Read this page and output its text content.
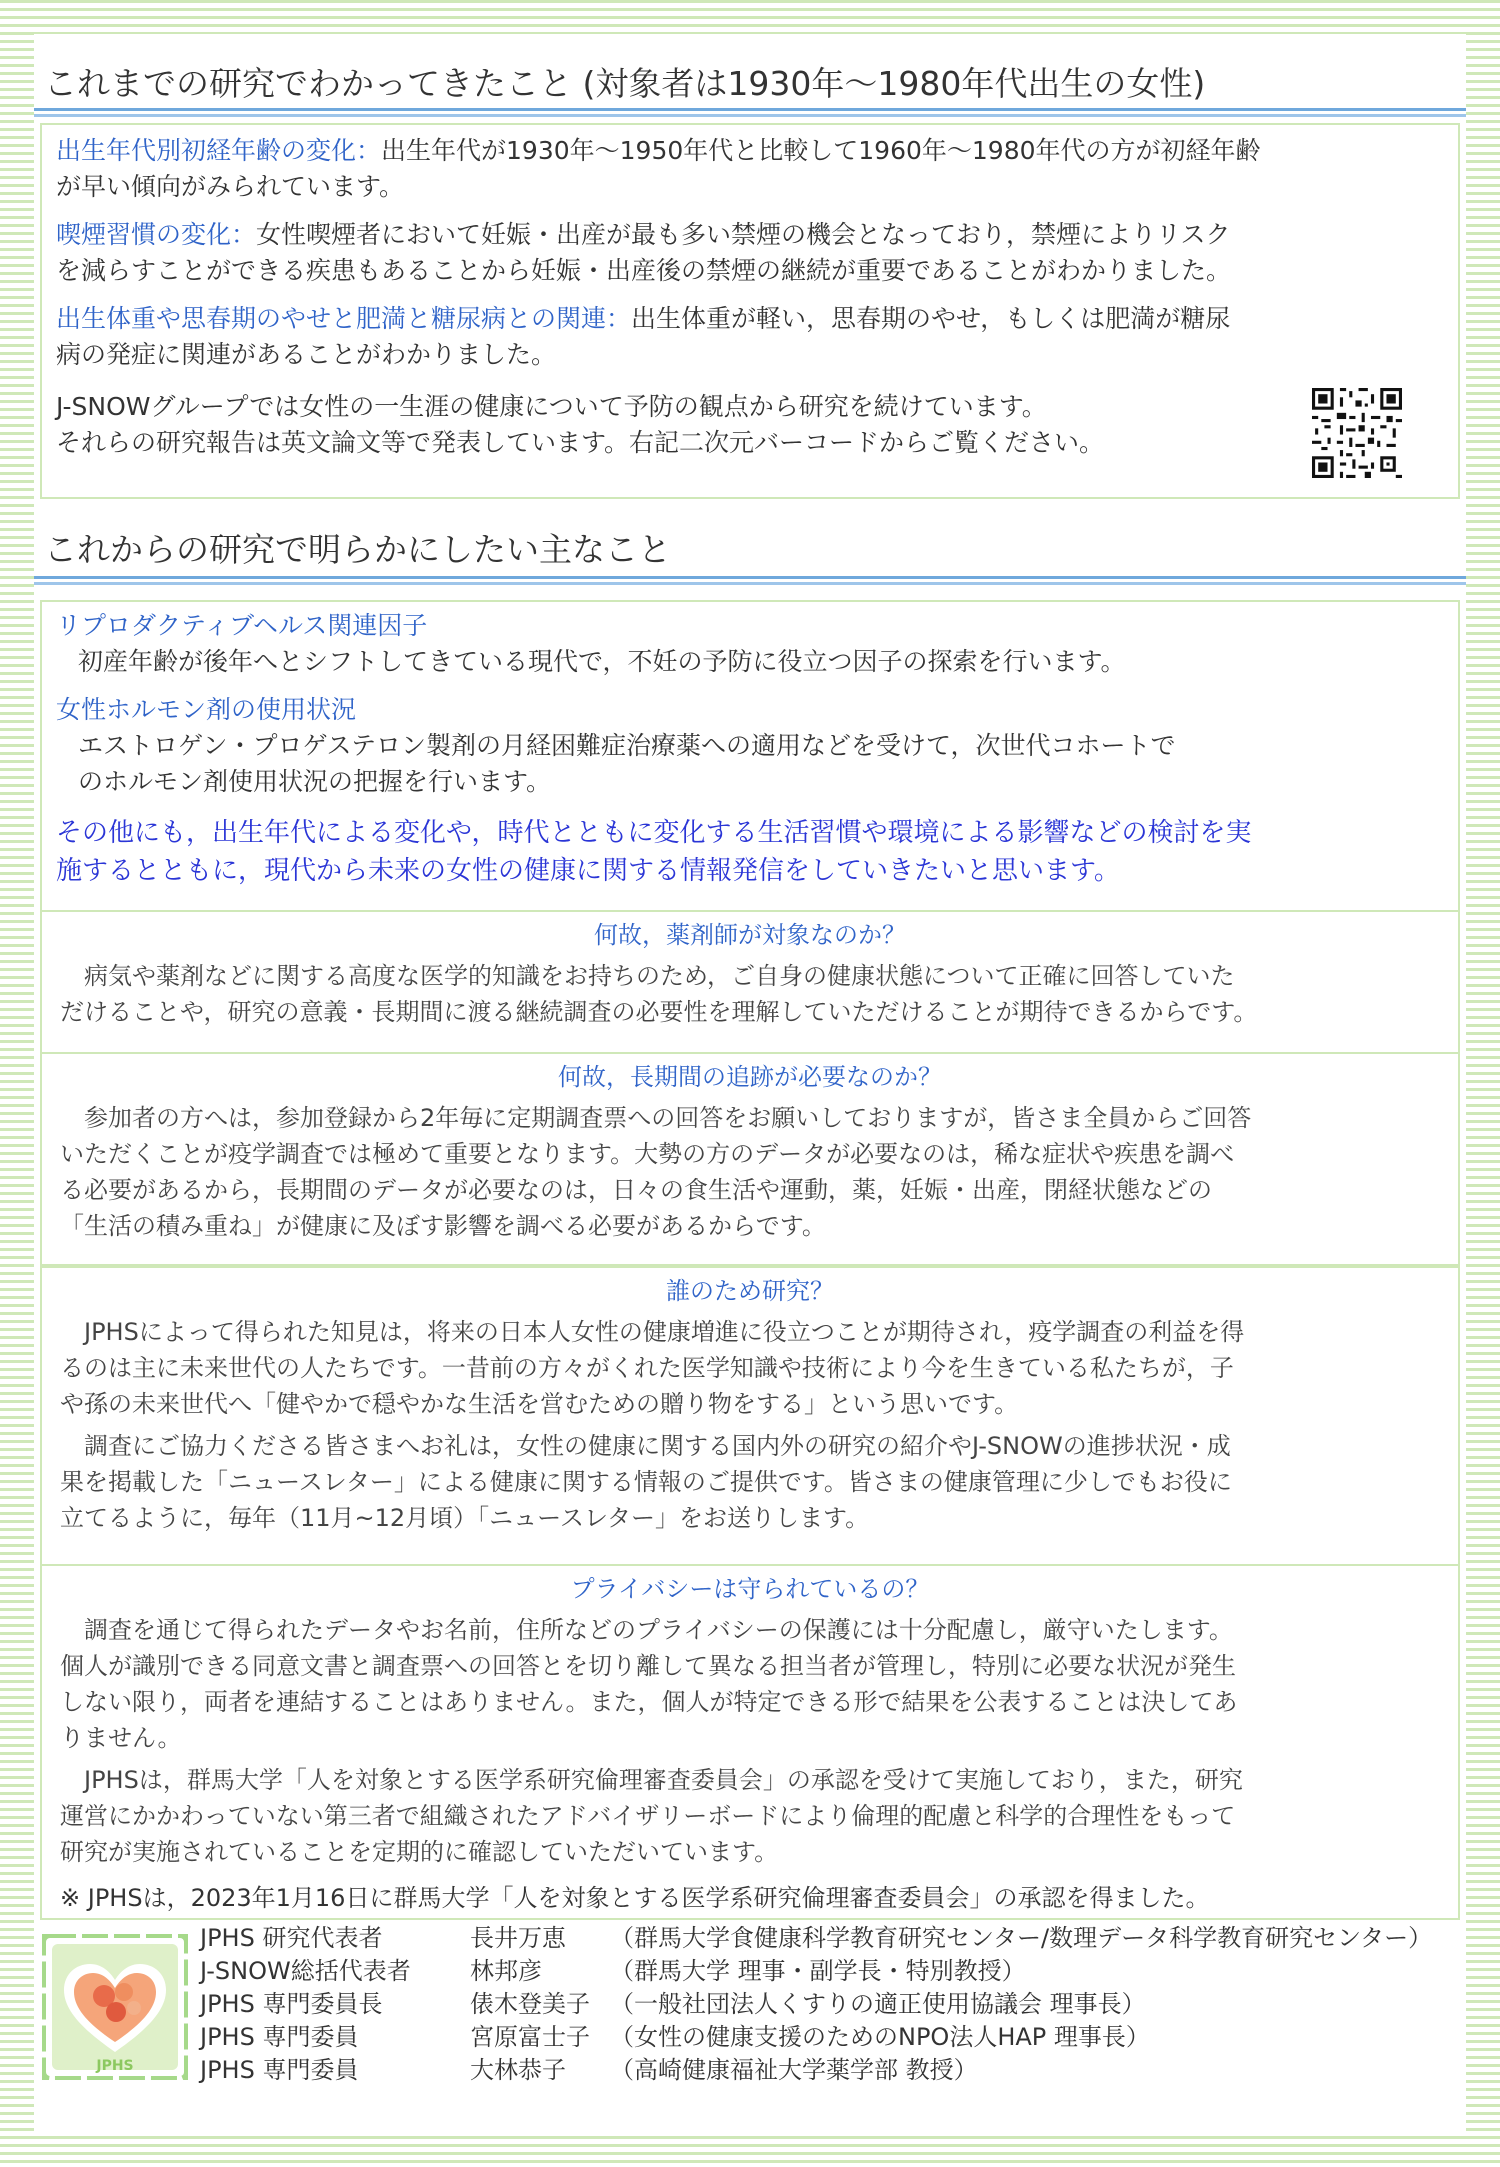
これまでの研究でわかってきたこと (対象者は1930年～1980年代出生の女性)
出生年代別初経年齢の変化：出生年代が1930年～1950年代と比較して1960年～1980年代の方が初経年齢
が早い傾向がみられています。
喫煙習慣の変化：女性喫煙者において妊娠・出産が最も多い禁煙の機会となっており，禁煙によりリスク
を減らすことができる疾患もあることから妊娠・出産後の禁煙の継続が重要であることがわかりました。
出生体重や思春期のやせと肥満と糖尿病との関連：出生体重が軽い，思春期のやせ，もしくは肥満が糖尿
病の発症に関連があることがわかりました。
J-SNOWグループでは女性の一生涯の健康について予防の観点から研究を続けています。
それらの研究報告は英文論文等で発表しています。右記二次元バーコードからご覧ください。
これからの研究で明らかにしたい主なこと
リプロダクティブヘルス関連因子
初産年齢が後年へとシフトしてきている現代で，不妊の予防に役立つ因子の探索を行います。
女性ホルモン剤の使用状況
エストロゲン・プロゲステロン製剤の月経困難症治療薬への適用などを受けて，次世代コホートで
のホルモン剤使用状況の把握を行います。
その他にも，出生年代による変化や，時代とともに変化する生活習慣や環境による影響などの検討を実
施するとともに，現代から未来の女性の健康に関する情報発信をしていきたいと思います。
何故，薬剤師が対象なのか？
病気や薬剤などに関する高度な医学的知識をお持ちのため，ご自身の健康状態について正確に回答していた
だけることや，研究の意義・長期間に渡る継続調査の必要性を理解していただけることが期待できるからです。
何故，長期間の追跡が必要なのか？
参加者の方へは，参加登録から2年毎に定期調査票への回答をお願いしておりますが，皆さま全員からご回答
いただくことが疫学調査では極めて重要となります。大勢の方のデータが必要なのは，稀な症状や疾患を調べ
る必要があるから，長期間のデータが必要なのは，日々の食生活や運動，薬，妊娠・出産，閉経状態などの
「生活の積み重ね」が健康に及ぼす影響を調べる必要があるからです。
誰のため研究？
JPHSによって得られた知見は，将来の日本人女性の健康増進に役立つことが期待され，疫学調査の利益を得
るのは主に未来世代の人たちです。一昔前の方々がくれた医学知識や技術により今を生きている私たちが，子
や孫の未来世代へ「健やかで穏やかな生活を営むための贈り物をする」という思いです。
調査にご協力くださる皆さまへお礼は，女性の健康に関する国内外の研究の紹介やJ-SNOWの進捗状況・成
果を掲載した「ニュースレター」による健康に関する情報のご提供です。皆さまの健康管理に少しでもお役に
立てるように，毎年（11月~12月頃）「ニュースレター」をお送りします。
プライバシーは守られているの？
調査を通じて得られたデータやお名前，住所などのプライバシーの保護には十分配慮し，厳守いたします。
個人が識別できる同意文書と調査票への回答とを切り離して異なる担当者が管理し，特別に必要な状況が発生
しない限り，両者を連結することはありません。また，個人が特定できる形で結果を公表することは決してあ
りません。
JPHSは，群馬大学「人を対象とする医学系研究倫理審査委員会」の承認を受けて実施しており，また，研究
運営にかかわっていない第三者で組織されたアドバイザリーボードにより倫理的配慮と科学的合理性をもって
研究が実施されていることを定期的に確認していただいています。
※ JPHSは，2023年1月16日に群馬大学「人を対象とする医学系研究倫理審査委員会」の承認を得ました。
JPHS
JPHS 研究代表者	長井万恵 （群馬大学食健康科学教育研究センター/数理データ科学教育研究センター）
J-SNOW総括代表者 林邦彦	（群馬大学 理事・副学長・特別教授）
JPHS 専門委員長	俵木登美子 （一般社団法人くすりの適正使用協議会 理事長）
JPHS 専門委員	宮原富士子 （女性の健康支援のためのNPO法人HAP 理事長）
JPHS 専門委員	大林恭子 （高崎健康福祉大学薬学部 教授）
